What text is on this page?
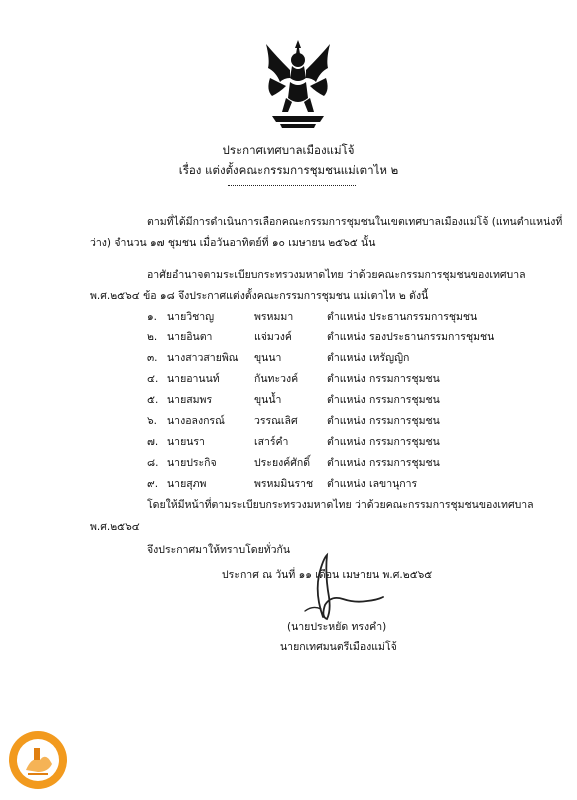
ประกาศเทศบาลเมืองแม่โจ้
เรื่อง แต่งตั้งคณะกรรมการชุมชนแม่เตาไห ๒
ตามที่ได้มีการดำเนินการเลือกคณะกรรมการชุมชนในเขตเทศบาลเมืองแม่โจ้ (แทนตำแหน่งที่
ว่าง) จำนวน ๑๗ ชุมชน เมื่อวันอาทิตย์ที่ ๑๐ เมษายน ๒๕๖๕ นั้น
อาศัยอำนาจตามระเบียบกระทรวงมหาดไทย ว่าด้วยคณะกรรมการชุมชนของเทศบาล
พ.ศ.๒๕๖๔ ข้อ ๑๘ จึงประกาศแต่งตั้งคณะกรรมการชุมชน แม่เตาไห ๒ ดังนี้
๑. นายวิชาญ	พรหมมา	ตำแหน่ง ประธานกรรมการชุมชน
๒. นายอินตา	แจ่มวงค์	ตำแหน่ง รองประธานกรรมการชุมชน
๓. นางสาวสายพิณ ขุนนา	ตำแหน่ง เหรัญญิก
๔. นายอานนท์	กันทะวงค์	ตำแหน่ง กรรมการชุมชน
๕. นายสมพร	ขุนน้ำ	ตำแหน่ง กรรมการชุมชน
๖. นางอลงกรณ์	วรรณเลิศ	ตำแหน่ง กรรมการชุมชน
๗. นายนรา	เสาร์คำ	ตำแหน่ง กรรมการชุมชน
๘. นายประกิจ	ประยงค์ศักดิ์ ตำแหน่ง กรรมการชุมชน
๙. นายสุภพ	พรหมมินราช ตำแหน่ง เลขานุการ
โดยให้มีหน้าที่ตามระเบียบกระทรวงมหาดไทย ว่าด้วยคณะกรรมการชุมชนของเทศบาล
พ.ศ.๒๕๖๔
จึงประกาศมาให้ทราบโดยทั่วกัน
ประกาศ ณ วันที่ ๑๑ เดือน เมษายน พ.ศ.๒๕๖๕
(นายประหยัด ทรงคำ)
นายกเทศมนตรีเมืองแม่โจ้
